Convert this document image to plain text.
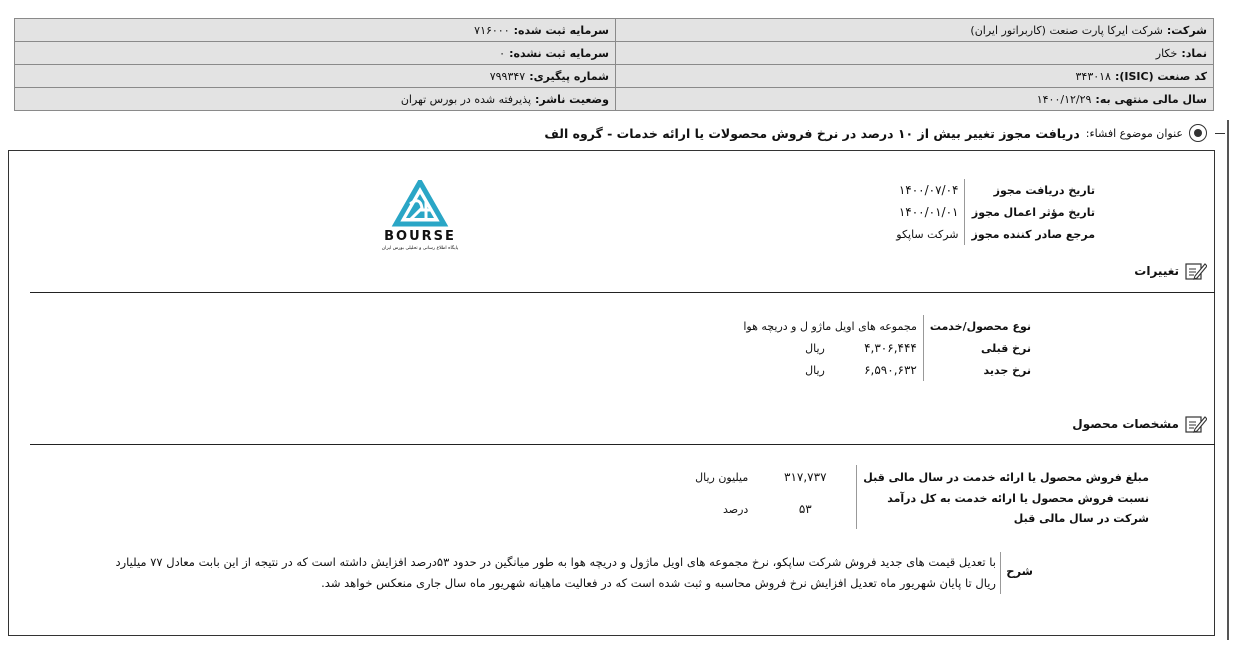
شرکت:شرکت ایرکا پارت صنعت (کاربراتور ایران)	سرمایه ثبت شده:۷۱۶۰۰۰
نماد:خکار	سرمایه ثبت نشده:۰
کد صنعت (ISIC):۳۴۳۰۱۸	شماره پیگیری:۷۹۹۳۴۷
سال مالی منتهی به:۱۴۰۰/۱۲/۲۹	وضعیت ناشر:پذیرفته شده در بورس تهران
عنوان موضوع افشاء:
دریافت مجوز تغییر بیش از ۱۰ درصد در نرخ فروش محصولات یا ارائه خدمات - گروه الف
تاریخ دریافت مجوز	۱۴۰۰/۰۷/۰۴
تاریخ مؤثر اعمال مجوز	۱۴۰۰/۰۱/۰۱
مرجع صادر کننده مجوز	شرکت ساپکو
BOURSE
پایگاه اطلاع رسانی و تحلیلی بورس ایران
تغییرات
نوع محصول/خدمت	مجموعه های اویل ماژو ل و دریچه هوا	
نرخ قبلی	۴,۳۰۶,۴۴۴	ریال
نرخ جدید	۶,۵۹۰,۶۳۲	ریال
مشخصات محصول
مبلغ فروش محصول یا ارائه خدمت در سال مالی قبل	۳۱۷,۷۳۷	میلیون ریال

نسبت فروش محصول یا ارائه خدمت به کل درآمد
شرکت در سال مالی قبل	۵۳	درصد
شرح
با تعدیل قیمت های جدید فروش شرکت ساپکو، نرخ مجموعه های اویل ماژول و دریچه هوا به طور میانگین در حدود ۵۳درصد افزایش داشته است که در نتیجه از این بابت معادل ۷۷ میلیارد ریال تا پایان شهریور ماه تعدیل افزایش نرخ فروش محاسبه و ثبت شده است که در فعالیت ماهیانه شهریور ماه سال جاری منعکس خواهد شد.
